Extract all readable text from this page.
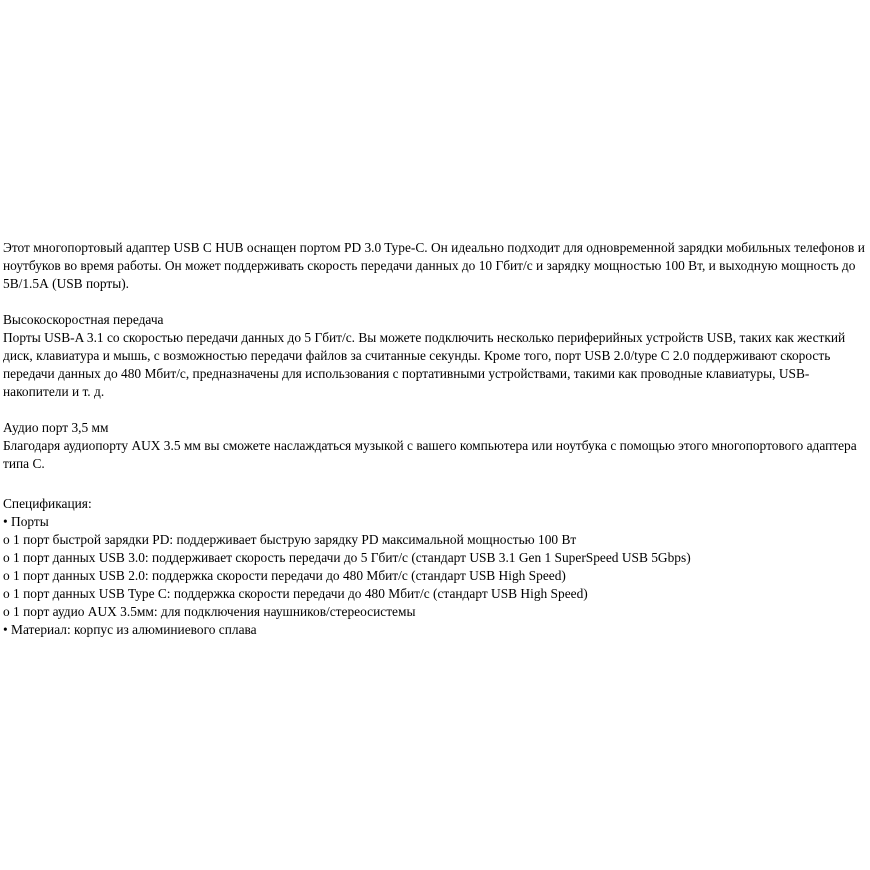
Этот многопортовый адаптер USB C HUB оснащен портом PD 3.0 Type-C. Он идеально подходит для одновременной зарядки мобильных телефонов и ноутбуков во время работы. Он может поддерживать скорость передачи данных до 10 Гбит/с и зарядку мощностью 100 Вт, и выходную мощность до 5В/1.5А (USB порты).

Высокоскоростная передача

Порты USB-A 3.1 со скоростью передачи данных до 5 Гбит/с. Вы можете подключить несколько периферийных устройств USB, таких как жесткий диск, клавиатура и мышь, с возможностью передачи файлов за считанные секунды. Кроме того, порт USB 2.0/type C 2.0 поддерживают скорость передачи данных до 480 Мбит/с, предназначены для использования с портативными устройствами, такими как проводные клавиатуры, USB-накопители и т. д.

Аудио порт 3,5 мм

Благодаря аудиопорту AUX 3.5 мм вы сможете наслаждаться музыкой с вашего компьютера или ноутбука с помощью этого многопортового адаптера типа С.

Спецификация:

• Порты

o 1 порт быстрой зарядки PD: поддерживает быструю зарядку PD максимальной мощностью 100 Вт

o 1 порт данных USB 3.0: поддерживает скорость передачи до 5 Гбит/с (стандарт USB 3.1 Gen 1 SuperSpeed USB 5Gbps)

o 1 порт данных USB 2.0: поддержка скорости передачи до 480 Мбит/с (стандарт USB High Speed)

o 1 порт данных USB Type C: поддержка скорости передачи до 480 Мбит/с (стандарт USB High Speed)

o 1 порт аудио AUX 3.5мм: для подключения наушников/стереосистемы

• Материал: корпус из алюминиевого сплава
